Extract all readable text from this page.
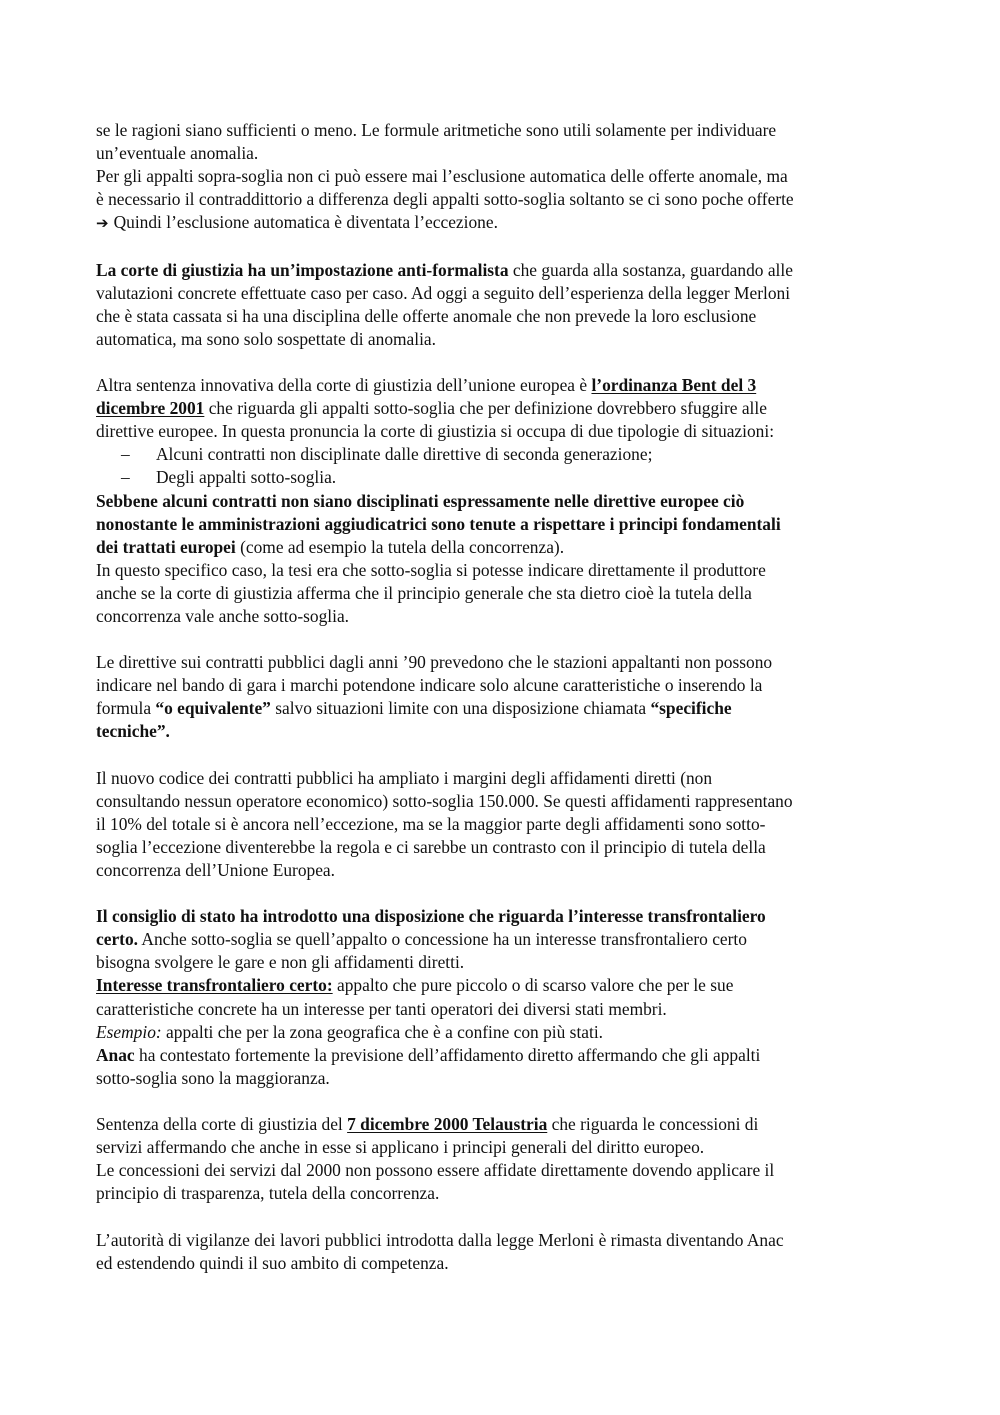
se le ragioni siano sufficienti o meno. Le formule aritmetiche sono utili solamente per individuare
un’eventuale anomalia.
Per gli appalti sopra-soglia non ci può essere mai l’esclusione automatica delle offerte anomale, ma
è necessario il contraddittorio a differenza degli appalti sotto-soglia soltanto se ci sono poche offerte
➔ Quindi l’esclusione automatica è diventata l’eccezione.

La corte di giustizia ha un’impostazione anti-formalista che guarda alla sostanza, guardando alle
valutazioni concrete effettuate caso per caso. Ad oggi a seguito dell’esperienza della legger Merloni
che è stata cassata si ha una disciplina delle offerte anomale che non prevede la loro esclusione
automatica, ma sono solo sospettate di anomalia.

Altra sentenza innovativa della corte di giustizia dell’unione europea è l’ordinanza Bent del 3
dicembre 2001 che riguarda gli appalti sotto-soglia che per definizione dovrebbero sfuggire alle
direttive europee. In questa pronuncia la corte di giustizia si occupa di due tipologie di situazioni:

– Alcuni contratti non disciplinate dalle direttive di seconda generazione;
– Degli appalti sotto-soglia.

Sebbene alcuni contratti non siano disciplinati espressamente nelle direttive europee ciò
nonostante le amministrazioni aggiudicatrici sono tenute a rispettare i principi fondamentali
dei trattati europei (come ad esempio la tutela della concorrenza).
In questo specifico caso, la tesi era che sotto-soglia si potesse indicare direttamente il produttore
anche se la corte di giustizia afferma che il principio generale che sta dietro cioè la tutela della
concorrenza vale anche sotto-soglia.

Le direttive sui contratti pubblici dagli anni ’90 prevedono che le stazioni appaltanti non possono
indicare nel bando di gara i marchi potendone indicare solo alcune caratteristiche o inserendo la
formula “o equivalente” salvo situazioni limite con una disposizione chiamata “specifiche
tecniche”.

Il nuovo codice dei contratti pubblici ha ampliato i margini degli affidamenti diretti (non
consultando nessun operatore economico) sotto-soglia 150.000. Se questi affidamenti rappresentano
il 10% del totale si è ancora nell’eccezione, ma se la maggior parte degli affidamenti sono sotto-
soglia l’eccezione diventerebbe la regola e ci sarebbe un contrasto con il principio di tutela della
concorrenza dell’Unione Europea.

Il consiglio di stato ha introdotto una disposizione che riguarda l’interesse transfrontaliero
certo. Anche sotto-soglia se quell’appalto o concessione ha un interesse transfrontaliero certo
bisogna svolgere le gare e non gli affidamenti diretti.
Interesse transfrontaliero certo: appalto che pure piccolo o di scarso valore che per le sue
caratteristiche concrete ha un interesse per tanti operatori dei diversi stati membri.
Esempio: appalti che per la zona geografica che è a confine con più stati.
Anac ha contestato fortemente la previsione dell’affidamento diretto affermando che gli appalti
sotto-soglia sono la maggioranza.

Sentenza della corte di giustizia del 7 dicembre 2000 Telaustria che riguarda le concessioni di
servizi affermando che anche in esse si applicano i principi generali del diritto europeo.
Le concessioni dei servizi dal 2000 non possono essere affidate direttamente dovendo applicare il
principio di trasparenza, tutela della concorrenza.

L’autorità di vigilanze dei lavori pubblici introdotta dalla legge Merloni è rimasta diventando Anac
ed estendendo quindi il suo ambito di competenza.
